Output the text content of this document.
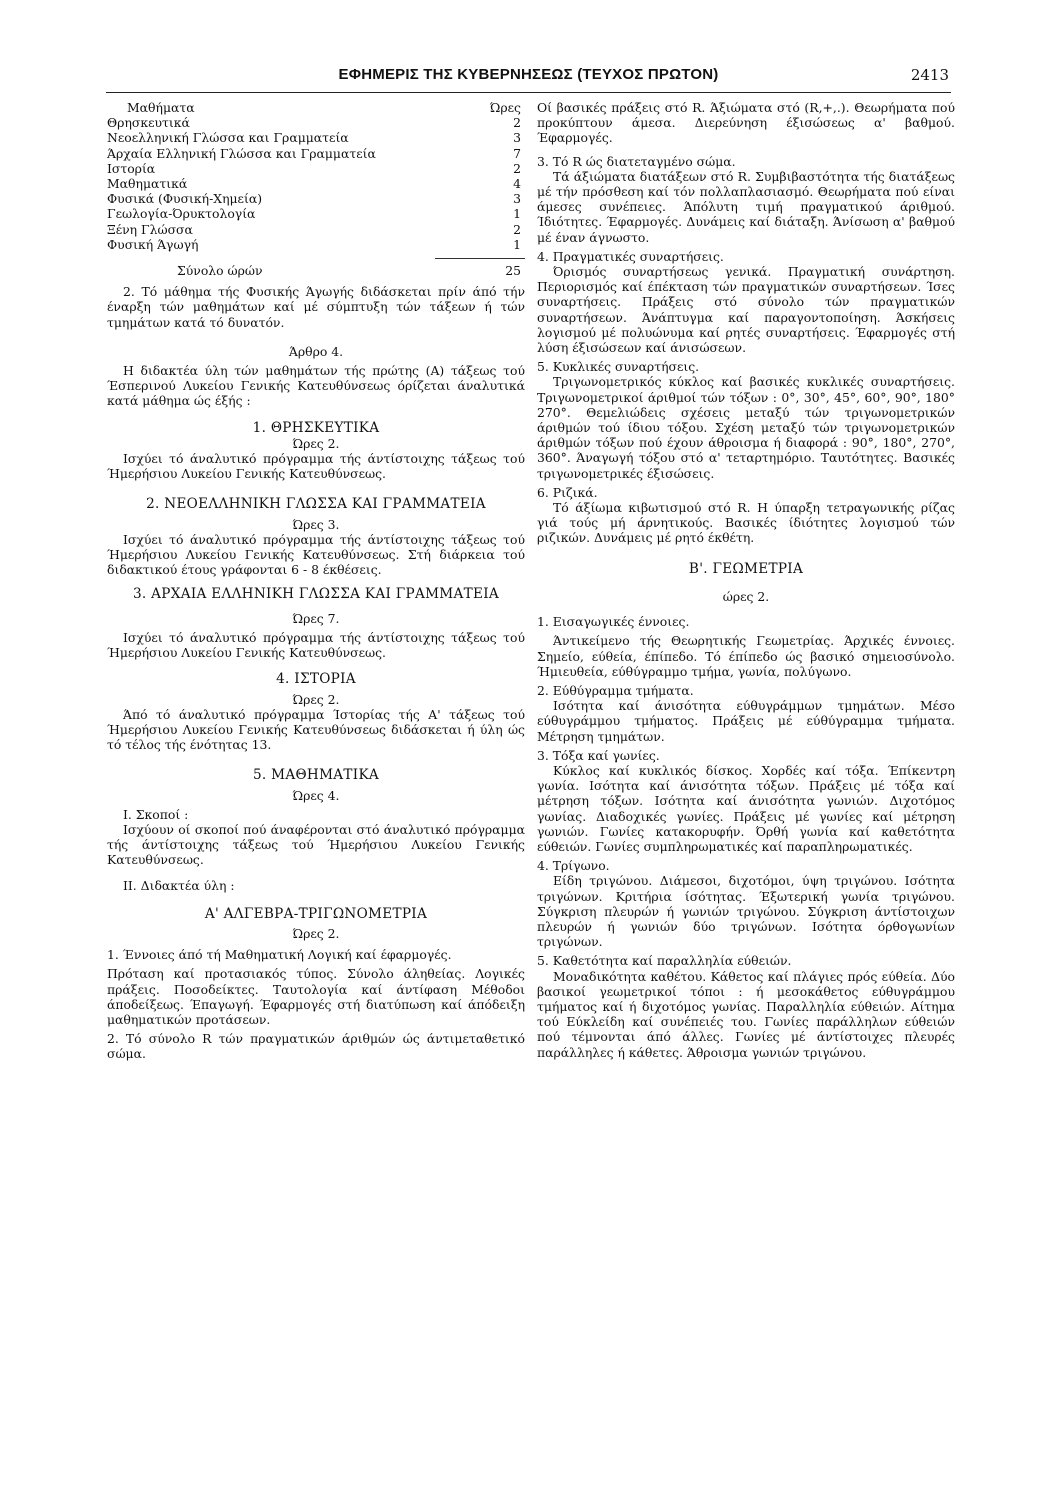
ΕΦΗΜΕΡΙΣ ΤΗΣ ΚΥΒΕΡΝΗΣΕΩΣ (ΤΕΥΧΟΣ ΠΡΩΤΟΝ)	2413
Μαθήματα	Ώρες
Θρησκευτικά	2
Νεοελληνική Γλώσσα και Γραμματεία	3
Άρχαία Ελληνική Γλώσσα και Γραμματεία	7
Ιστορία	2
Μαθηματικά	4
Φυσικά (Φυσική-Χημεία)	3
Γεωλογία-Όρυκτολογία	1
Ξένη Γλώσσα	2
Φυσική Άγωγή	1
Σύνολο ώρών	25

2. Τό μάθημα τής Φυσικής Άγωγής διδάσκεται πρίν άπό τήν έναρξη τών μαθημάτων καί μέ σύμπτυξη τών τάξεων ή τών τμημάτων κατά τό δυνατόν.

Άρθρο 4.

Η διδακτέα ύλη τών μαθημάτων τής πρώτης (Α) τάξεως τού Έσπερινού Λυκείου Γενικής Κατευθύνσεως όρίζεται άναλυτικά κατά μάθημα ώς έξής :

1. ΘΡΗΣΚΕΥΤΙΚΑ

Ώρες 2.

Ισχύει τό άναλυτικό πρόγραμμα τής άντίστοιχης τάξεως τού Ήμερήσιου Λυκείου Γενικής Κατευθύνσεως.

2. ΝΕΟΕΛΛΗΝΙΚΗ ΓΛΩΣΣΑ ΚΑΙ ΓΡΑΜΜΑΤΕΙΑ

Ώρες 3.

Ισχύει τό άναλυτικό πρόγραμμα τής άντίστοιχης τάξεως τού Ήμερήσιου Λυκείου Γενικής Κατευθύνσεως. Στή διάρκεια τού διδακτικού έτους γράφονται 6 - 8 έκθέσεις.

3. ΑΡΧΑΙΑ ΕΛΛΗΝΙΚΗ ΓΛΩΣΣΑ ΚΑΙ ΓΡΑΜΜΑΤΕΙΑ

Ώρες 7.

Ισχύει τό άναλυτικό πρόγραμμα τής άντίστοιχης τάξεως τού Ήμερήσιου Λυκείου Γενικής Κατευθύνσεως.

4. ΙΣΤΟΡΙΑ

Ώρες 2.

Άπό τό άναλυτικό πρόγραμμα Ίστορίας τής Α' τάξεως τού Ήμερήσιου Λυκείου Γενικής Κατευθύνσεως διδάσκεται ή ύλη ώς τό τέλος τής ένότητας 13.

5. ΜΑΘΗΜΑΤΙΚΑ

Ώρες 4.

Ι. Σκοποί :

Ισχύουν οί σκοποί πού άναφέρονται στό άναλυτικό πρόγραμμα τής άντίστοιχης τάξεως τού Ήμερήσιου Λυκείου Γενικής Κατευθύνσεως.

ΙΙ. Διδακτέα ύλη :

Α' ΑΛΓΕΒΡΑ-ΤΡΙΓΩΝΟΜΕΤΡΙΑ

Ώρες 2.

1. Έννοιες άπό τή Μαθηματική Λογική καί έφαρμογές.

Πρόταση καί προτασιακός τύπος. Σύνολο άληθείας. Λογικές πράξεις. Ποσοδείκτες. Ταυτολογία καί άντίφαση Μέθοδοι άποδείξεως. Έπαγωγή. Έφαρμογές στή διατύπωση καί άπόδειξη μαθηματικών προτάσεων.

2. Τό σύνολο R τών πραγματικών άριθμών ώς άντιμεταθετικό σώμα.

Οί βασικές πράξεις στό R. Άξιώματα στό (R,+,.). Θεωρήματα πού προκύπτουν άμεσα. Διερεύνηση έξισώσεως α' βαθμού. Έφαρμογές.

3. Τό R ώς διατεταγμένο σώμα.

Τά άξιώματα διατάξεων στό R. Συμβιβαστότητα τής διατάξεως μέ τήν πρόσθεση καί τόν πολλαπλασιασμό. Θεωρήματα πού είναι άμεσες συνέπειες. Άπόλυτη τιμή πραγματικού άριθμού. Ίδιότητες. Έφαρμογές. Δυνάμεις καί διάταξη. Άνίσωση α' βαθμού μέ έναν άγνωστο.

4. Πραγματικές συναρτήσεις.

Όρισμός συναρτήσεως γενικά. Πραγματική συνάρτηση. Περιορισμός καί έπέκταση τών πραγματικών συναρτήσεων. Ίσες συναρτήσεις. Πράξεις στό σύνολο τών πραγματικών συναρτήσεων. Άνάπτυγμα καί παραγοντοποίηση. Άσκήσεις λογισμού μέ πολυώνυμα καί ρητές συναρτήσεις. Έφαρμογές στή λύση έξισώσεων καί άνισώσεων.

5. Κυκλικές συναρτήσεις.

Τριγωνομετρικός κύκλος καί βασικές κυκλικές συναρτήσεις. Τριγωνομετρικοί άριθμοί τών τόξων : 0°, 30°, 45°, 60°, 90°, 180° 270°. Θεμελιώδεις σχέσεις μεταξύ τών τριγωνομετρικών άριθμών τού ίδιου τόξου. Σχέση μεταξύ τών τριγωνομετρικών άριθμών τόξων πού έχουν άθροισμα ή διαφορά : 90°, 180°, 270°, 360°. Άναγωγή τόξου στό α' τεταρτημόριο. Ταυτότητες. Βασικές τριγωνομετρικές έξισώσεις.

6. Ριζικά.

Τό άξίωμα κιβωτισμού στό R. Η ύπαρξη τετραγωνικής ρίζας γιά τούς μή άρνητικούς. Βασικές ίδιότητες λογισμού τών ριζικών. Δυνάμεις μέ ρητό έκθέτη.

Β'. ΓΕΩΜΕΤΡΙΑ

ώρες 2.

1. Εισαγωγικές έννοιες.

Άντικείμενο τής Θεωρητικής Γεωμετρίας. Άρχικές έννοιες. Σημείο, εύθεία, έπίπεδο. Τό έπίπεδο ώς βασικό σημειοσύνολο. Ήμιευθεία, εύθύγραμμο τμήμα, γωνία, πολύγωνο.

2. Εύθύγραμμα τμήματα.

Ισότητα καί άνισότητα εύθυγράμμων τμημάτων. Μέσο εύθυγράμμου τμήματος. Πράξεις μέ εύθύγραμμα τμήματα. Μέτρηση τμημάτων.

3. Τόξα καί γωνίες.

Κύκλος καί κυκλικός δίσκος. Χορδές καί τόξα. Έπίκεντρη γωνία. Ισότητα καί άνισότητα τόξων. Πράξεις μέ τόξα καί μέτρηση τόξων. Ισότητα καί άνισότητα γωνιών. Διχοτόμος γωνίας. Διαδοχικές γωνίες. Πράξεις μέ γωνίες καί μέτρηση γωνιών. Γωνίες κατακορυφήν. Όρθή γωνία καί καθετότητα εύθειών. Γωνίες συμπληρωματικές καί παραπληρωματικές.

4. Τρίγωνο.

Είδη τριγώνου. Διάμεσοι, διχοτόμοι, ύψη τριγώνου. Ισότητα τριγώνων. Κριτήρια ίσότητας. Έξωτερική γωνία τριγώνου. Σύγκριση πλευρών ή γωνιών τριγώνου. Σύγκριση άντίστοιχων πλευρών ή γωνιών δύο τριγώνων. Ισότητα όρθογωνίων τριγώνων.

5. Καθετότητα καί παραλληλία εύθειών.

Μοναδικότητα καθέτου. Κάθετος καί πλάγιες πρός εύθεία. Δύο βασικοί γεωμετρικοί τόποι : ή μεσοκάθετος εύθυγράμμου τμήματος καί ή διχοτόμος γωνίας. Παραλληλία εύθειών. Αίτημα τού Εύκλείδη καί συνέπειές του. Γωνίες παράλληλων εύθειών πού τέμνονται άπό άλλες. Γωνίες μέ άντίστοιχες πλευρές παράλληλες ή κάθετες. Άθροισμα γωνιών τριγώνου.
